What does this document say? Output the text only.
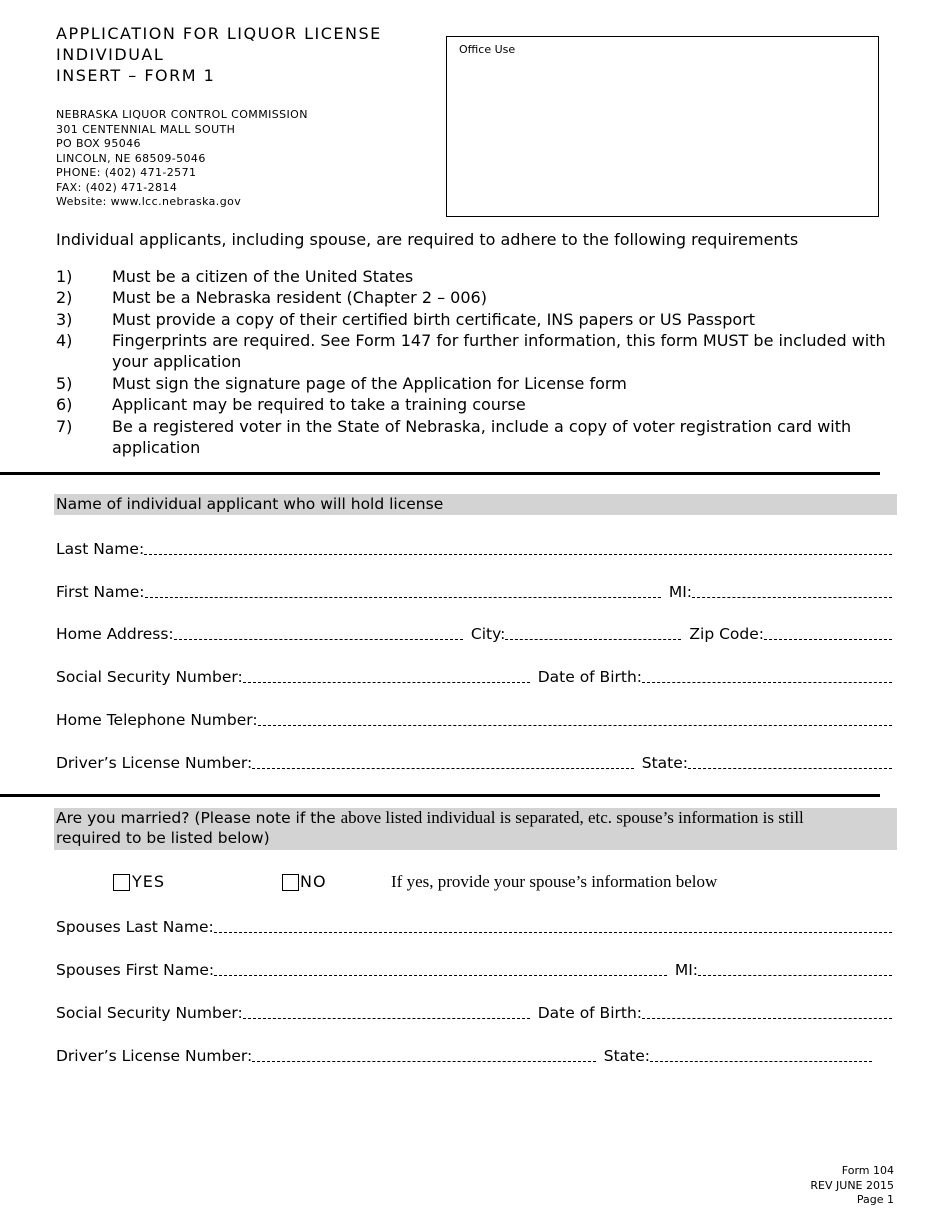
APPLICATION FOR LIQUOR LICENSE
INDIVIDUAL
INSERT – FORM 1
NEBRASKA LIQUOR CONTROL COMMISSION
301 CENTENNIAL MALL SOUTH
PO BOX 95046
LINCOLN, NE 68509-5046
PHONE: (402) 471-2571
FAX: (402) 471-2814
Website: www.lcc.nebraska.gov
Office Use
Individual applicants, including spouse, are required to adhere to the following requirements
1)	Must be a citizen of the United States
2)	Must be a Nebraska resident (Chapter 2 – 006)
3)	Must provide a copy of their certified birth certificate, INS papers or US Passport
4)	Fingerprints are required. See Form 147 for further information, this form MUST be included with your application
5)	Must sign the signature page of the Application for License form
6)	Applicant may be required to take a training course
7)	Be a registered voter in the State of Nebraska, include a copy of voter registration card with application
Name of individual applicant who will hold license
Last Name:
First Name:	MI:
Home Address:	City:	Zip Code:
Social Security Number:	Date of Birth:
Home Telephone Number:
Driver’s License Number:	State:
Are you married? (Please note if the above listed individual is separated, etc. spouse’s information is still
required to be listed below)
YES	NO	If yes, provide your spouse’s information below
Spouses Last Name:
Spouses First Name:	MI:
Social Security Number:	Date of Birth:
Driver’s License Number:	State:
Form 104
REV JUNE 2015
Page 1
